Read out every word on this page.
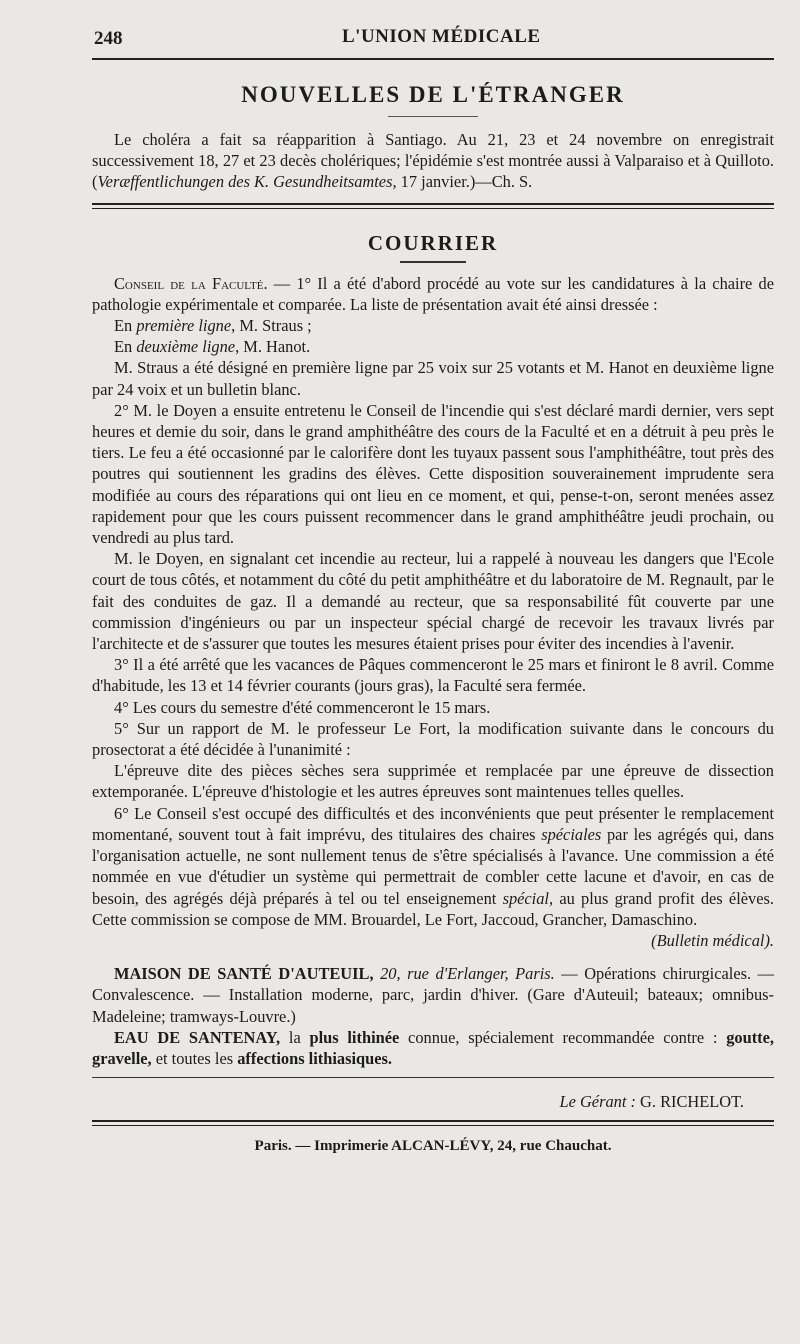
248	L'UNION MÉDICALE
NOUVELLES DE L'ÉTRANGER

Le choléra a fait sa réapparition à Santiago. Au 21, 23 et 24 novembre on enregistrait successivement 18, 27 et 23 decès cholériques; l'épidémie s'est montrée aussi à Valparaiso et à Quilloto. (Veræffentlichungen des K. Gesundheitsamtes, 17 janvier.)—Ch. S.

COURRIER

Conseil de la Faculté. — 1° Il a été d'abord procédé au vote sur les candidatures à la chaire de pathologie expérimentale et comparée. La liste de présentation avait été ainsi dressée :

En première ligne, M. Straus ;

En deuxième ligne, M. Hanot.

M. Straus a été désigné en première ligne par 25 voix sur 25 votants et M. Hanot en deuxième ligne par 24 voix et un bulletin blanc.

2° M. le Doyen a ensuite entretenu le Conseil de l'incendie qui s'est déclaré mardi dernier, vers sept heures et demie du soir, dans le grand amphithéâtre des cours de la Faculté et en a détruit à peu près le tiers. Le feu a été occasionné par le calorifère dont les tuyaux passent sous l'amphithéâtre, tout près des poutres qui soutiennent les gradins des élèves. Cette disposition souverainement imprudente sera modifiée au cours des réparations qui ont lieu en ce moment, et qui, pense-t-on, seront menées assez rapidement pour que les cours puissent recommencer dans le grand amphithéâtre jeudi prochain, ou vendredi au plus tard.

M. le Doyen, en signalant cet incendie au recteur, lui a rappelé à nouveau les dangers que l'Ecole court de tous côtés, et notamment du côté du petit amphithéâtre et du laboratoire de M. Regnault, par le fait des conduites de gaz. Il a demandé au recteur, que sa responsabilité fût couverte par une commission d'ingénieurs ou par un inspecteur spécial chargé de recevoir les travaux livrés par l'architecte et de s'assurer que toutes les mesures étaient prises pour éviter des incendies à l'avenir.

3° Il a été arrêté que les vacances de Pâques commenceront le 25 mars et finiront le 8 avril. Comme d'habitude, les 13 et 14 février courants (jours gras), la Faculté sera fermée.

4° Les cours du semestre d'été commenceront le 15 mars.

5° Sur un rapport de M. le professeur Le Fort, la modification suivante dans le concours du prosectorat a été décidée à l'unanimité :

L'épreuve dite des pièces sèches sera supprimée et remplacée par une épreuve de dissection extemporanée. L'épreuve d'histologie et les autres épreuves sont maintenues telles quelles.

6° Le Conseil s'est occupé des difficultés et des inconvénients que peut présenter le remplacement momentané, souvent tout à fait imprévu, des titulaires des chaires spéciales par les agrégés qui, dans l'organisation actuelle, ne sont nullement tenus de s'être spécialisés à l'avance. Une commission a été nommée en vue d'étudier un système qui permettrait de combler cette lacune et d'avoir, en cas de besoin, des agrégés déjà préparés à tel ou tel enseignement spécial, au plus grand profit des élèves. Cette commission se compose de MM. Brouardel, Le Fort, Jaccoud, Grancher, Damaschino.

(Bulletin médical).

MAISON DE SANTÉ D'AUTEUIL, 20, rue d'Erlanger, Paris. — Opérations chirurgicales. — Convalescence. — Installation moderne, parc, jardin d'hiver. (Gare d'Auteuil; bateaux; omnibus-Madeleine; tramways-Louvre.)

EAU DE SANTENAY, la plus lithinée connue, spécialement recommandée contre : goutte, gravelle, et toutes les affections lithiasiques.

Le Gérant : G. RICHELOT.
Paris. — Imprimerie ALCAN-LÉVY, 24, rue Chauchat.
